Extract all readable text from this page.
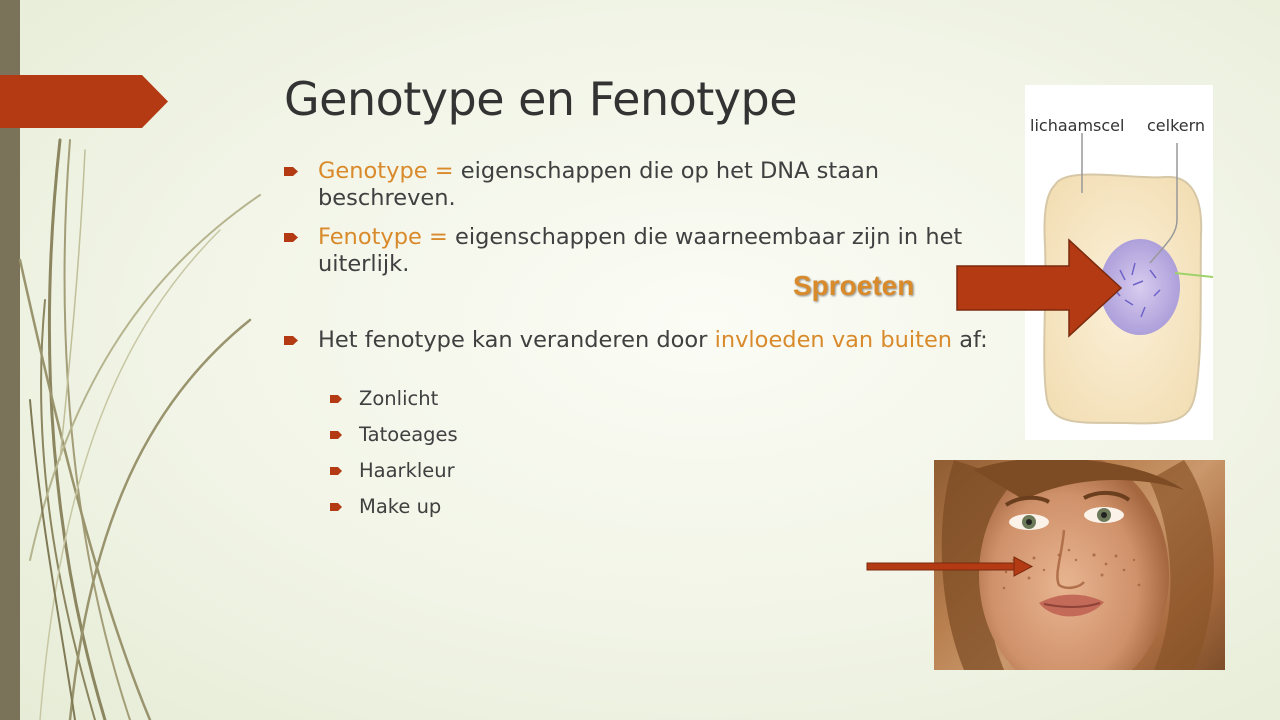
Genotype en Fenotype
Genotype = eigenschappen die op het DNA staan beschreven.
Fenotype = eigenschappen die waarneembaar zijn in het uiterlijk.
Het fenotype kan veranderen door invloeden van buiten af:
Zonlicht
Tatoeages
Haarkleur
Make up
lichaamscel celkern
Sproeten
